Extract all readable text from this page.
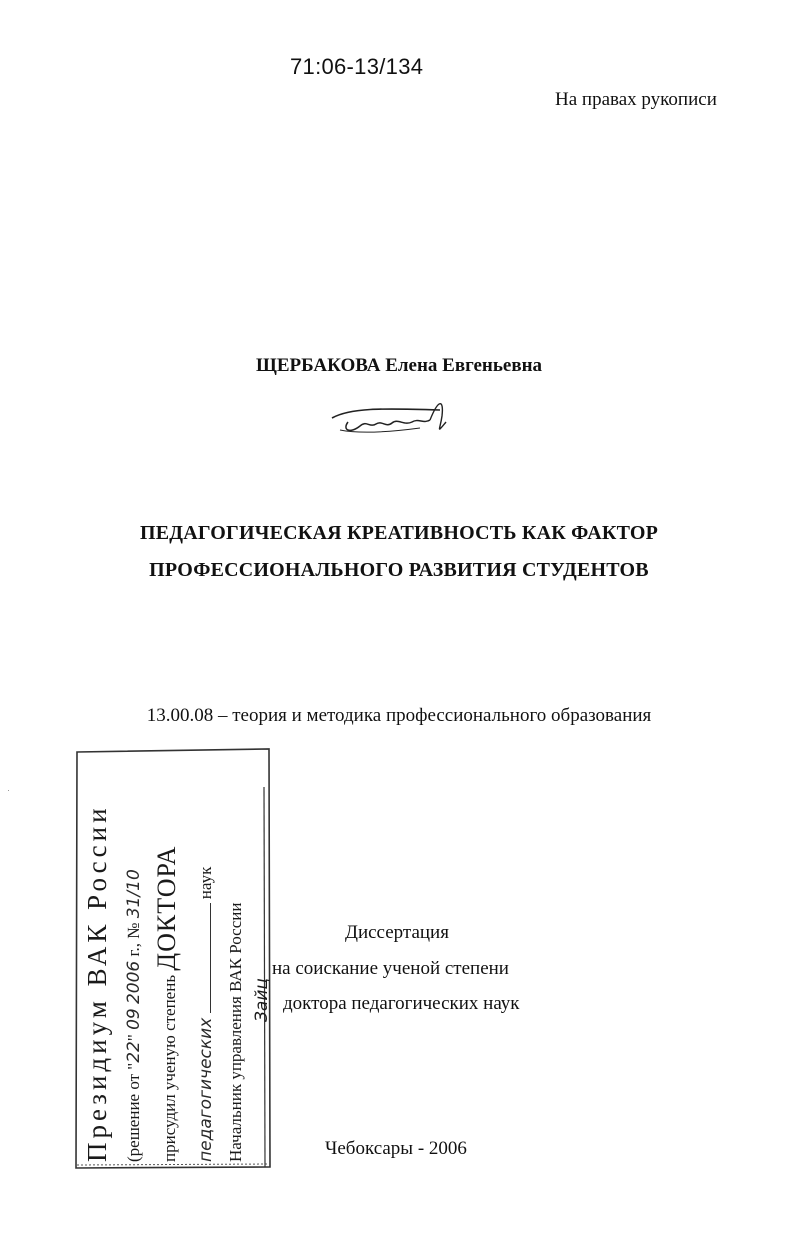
71:06-13/134
На правах рукописи
ЩЕРБАКОВА Елена Евгеньевна
ПЕДАГОГИЧЕСКАЯ КРЕАТИВНОСТЬ КАК ФАКТОР
ПРОФЕССИОНАЛЬНОГО РАЗВИТИЯ СТУДЕНТОВ
13.00.08 – теория и методика профессионального образования
Диссертация
на соискание ученой степени
доктора педагогических наук
Чебоксары - 2006
Президиум ВАК России (решение от "22" 09 2006 г., № 31/10
присудил ученую степень ДОКТОРА
педагогических  наук
Начальник управления ВАК России Зайц
